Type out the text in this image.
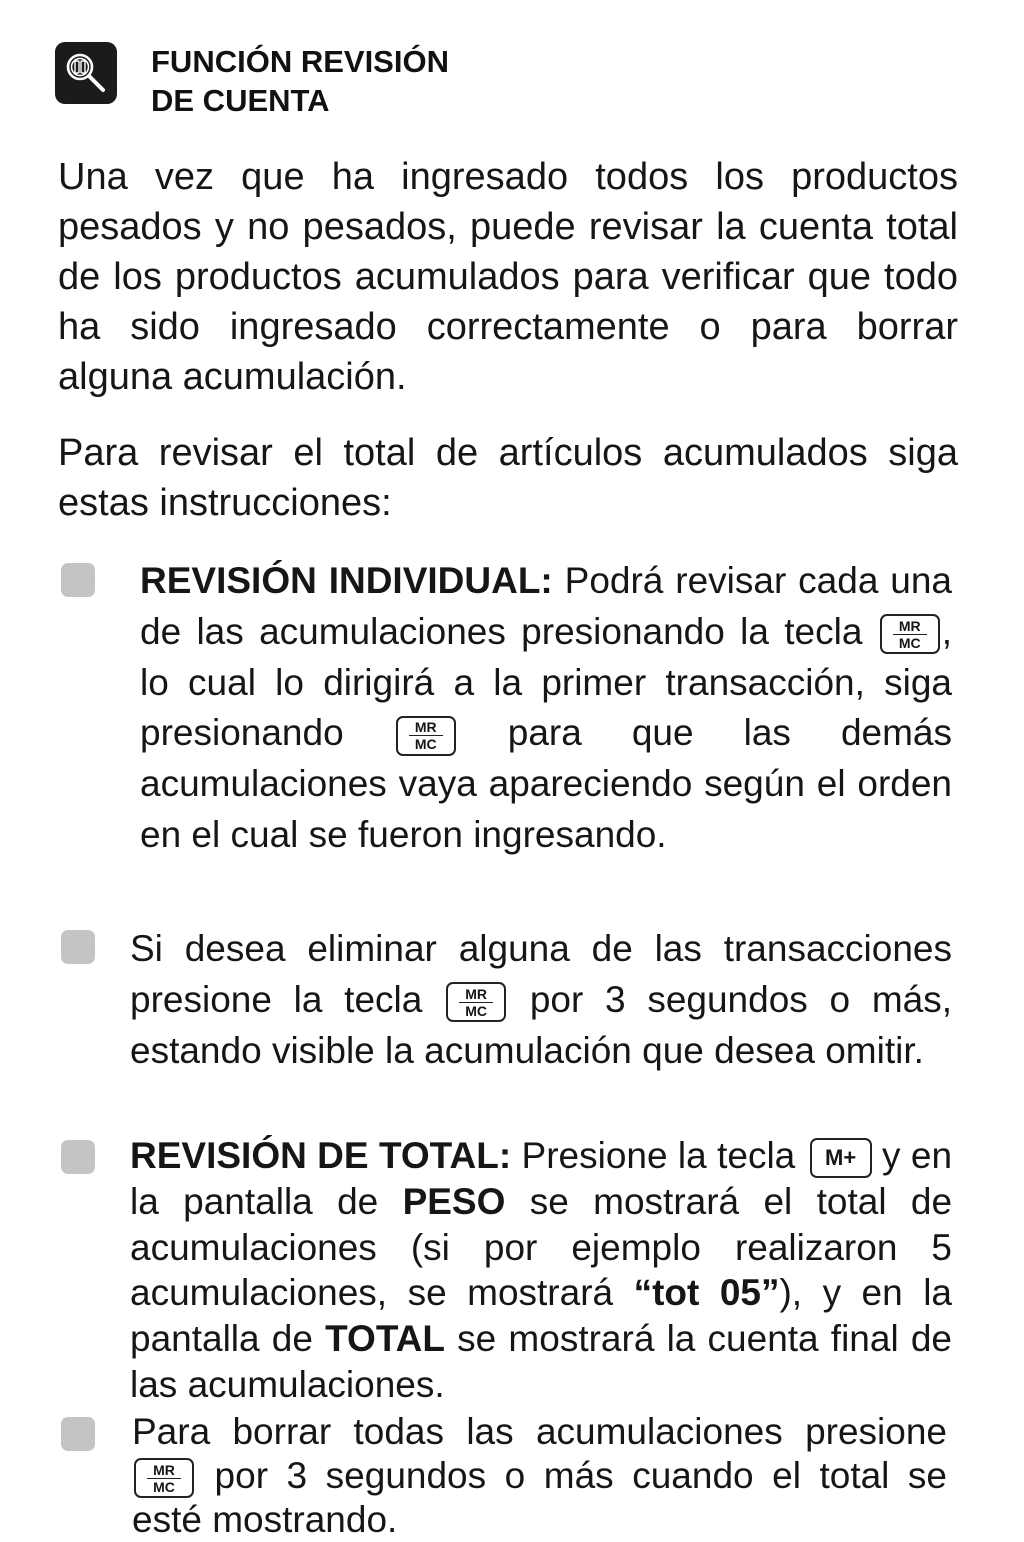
FUNCIÓN REVISIÓN
DE CUENTA
Una vez que ha ingresado todos los productos pesados y no pesados, puede revisar la cuenta total de los productos acumulados para verificar que todo ha sido ingresado correctamente o para borrar alguna acumulación.
Para revisar el total de artículos acumulados siga estas instrucciones:
REVISIÓN INDIVIDUAL: Podrá revisar cada una de las acumulaciones presionando la tecla $\frac{MR}{MC}$ , lo cual lo dirigirá a la primer transacción, siga presionando	$\frac{MR}{MC}$ para que las demás acumulaciones vaya apareciendo según el orden en el cual se fueron ingresando.
Si desea eliminar alguna de las transacciones presione la tecla $\frac{MR}{MC}$ por 3 segundos o más, estando visible la acumulación que desea omitir.
REVISIÓN DE TOTAL: Presione la tecla M+ y en la pantalla de PESO se mostrará el total de acumulaciones (si por ejemplo realizaron 5 acumulaciones, se mostrará “tot 05”), y en la pantalla de TOTAL se mostrará la cuenta final de las acumulaciones.
Para borrar todas las acumulaciones presione
$\frac{MR}{MC}$ por 3 segundos o más cuando el total se esté mostrando.
